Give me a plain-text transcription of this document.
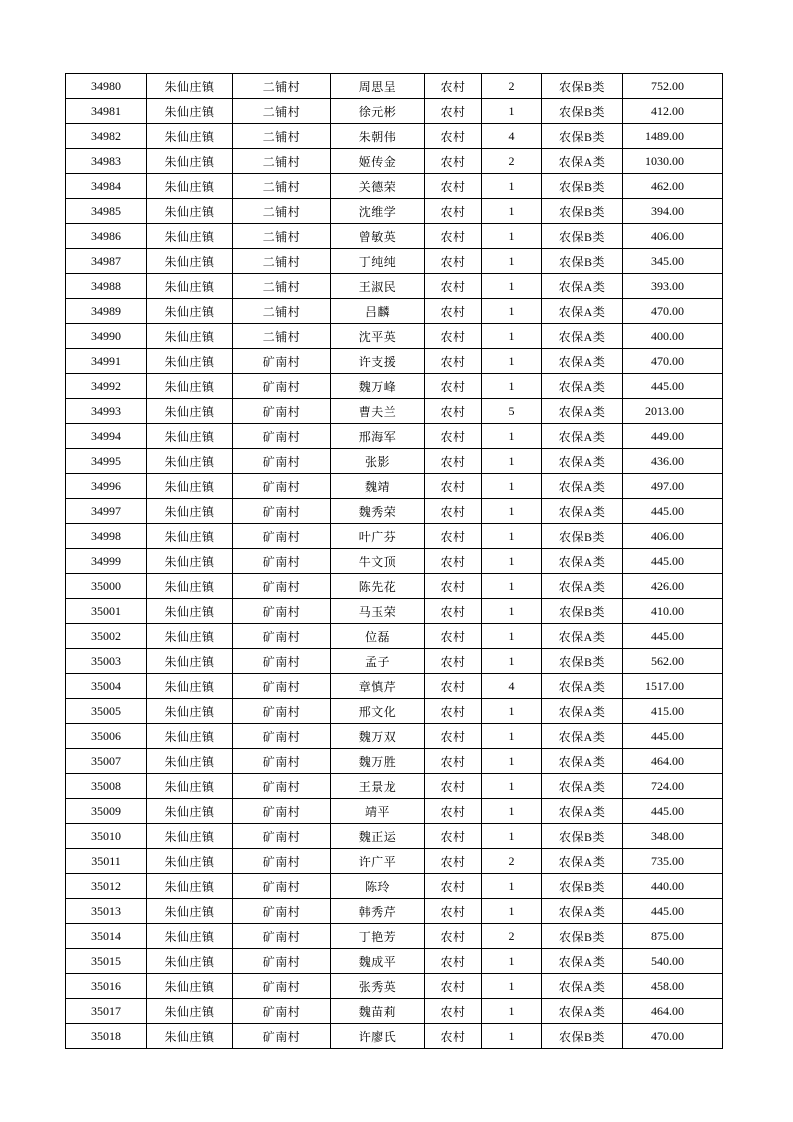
34980	朱仙庄镇	二铺村	周思呈	农村	2	农保B类	752.00
34981	朱仙庄镇	二铺村	徐元彬	农村	1	农保B类	412.00
34982	朱仙庄镇	二铺村	朱朝伟	农村	4	农保B类	1489.00
34983	朱仙庄镇	二铺村	姬传金	农村	2	农保A类	1030.00
34984	朱仙庄镇	二铺村	关德荣	农村	1	农保B类	462.00
34985	朱仙庄镇	二铺村	沈维学	农村	1	农保B类	394.00
34986	朱仙庄镇	二铺村	曾敏英	农村	1	农保B类	406.00
34987	朱仙庄镇	二铺村	丁纯纯	农村	1	农保B类	345.00
34988	朱仙庄镇	二铺村	王淑民	农村	1	农保A类	393.00
34989	朱仙庄镇	二铺村	吕麟	农村	1	农保A类	470.00
34990	朱仙庄镇	二铺村	沈平英	农村	1	农保A类	400.00
34991	朱仙庄镇	矿南村	许支援	农村	1	农保A类	470.00
34992	朱仙庄镇	矿南村	魏万峰	农村	1	农保A类	445.00
34993	朱仙庄镇	矿南村	曹夫兰	农村	5	农保A类	2013.00
34994	朱仙庄镇	矿南村	邢海军	农村	1	农保A类	449.00
34995	朱仙庄镇	矿南村	张影	农村	1	农保A类	436.00
34996	朱仙庄镇	矿南村	魏靖	农村	1	农保A类	497.00
34997	朱仙庄镇	矿南村	魏秀荣	农村	1	农保A类	445.00
34998	朱仙庄镇	矿南村	叶广芬	农村	1	农保B类	406.00
34999	朱仙庄镇	矿南村	牛文顶	农村	1	农保A类	445.00
35000	朱仙庄镇	矿南村	陈先花	农村	1	农保A类	426.00
35001	朱仙庄镇	矿南村	马玉荣	农村	1	农保B类	410.00
35002	朱仙庄镇	矿南村	位磊	农村	1	农保A类	445.00
35003	朱仙庄镇	矿南村	孟子	农村	1	农保B类	562.00
35004	朱仙庄镇	矿南村	章慎芹	农村	4	农保A类	1517.00
35005	朱仙庄镇	矿南村	邢文化	农村	1	农保A类	415.00
35006	朱仙庄镇	矿南村	魏万双	农村	1	农保A类	445.00
35007	朱仙庄镇	矿南村	魏万胜	农村	1	农保A类	464.00
35008	朱仙庄镇	矿南村	王景龙	农村	1	农保A类	724.00
35009	朱仙庄镇	矿南村	靖平	农村	1	农保A类	445.00
35010	朱仙庄镇	矿南村	魏正运	农村	1	农保B类	348.00
35011	朱仙庄镇	矿南村	许广平	农村	2	农保A类	735.00
35012	朱仙庄镇	矿南村	陈玲	农村	1	农保B类	440.00
35013	朱仙庄镇	矿南村	韩秀芹	农村	1	农保A类	445.00
35014	朱仙庄镇	矿南村	丁艳芳	农村	2	农保B类	875.00
35015	朱仙庄镇	矿南村	魏成平	农村	1	农保A类	540.00
35016	朱仙庄镇	矿南村	张秀英	农村	1	农保A类	458.00
35017	朱仙庄镇	矿南村	魏苗莉	农村	1	农保A类	464.00
35018	朱仙庄镇	矿南村	许廖氏	农村	1	农保B类	470.00
